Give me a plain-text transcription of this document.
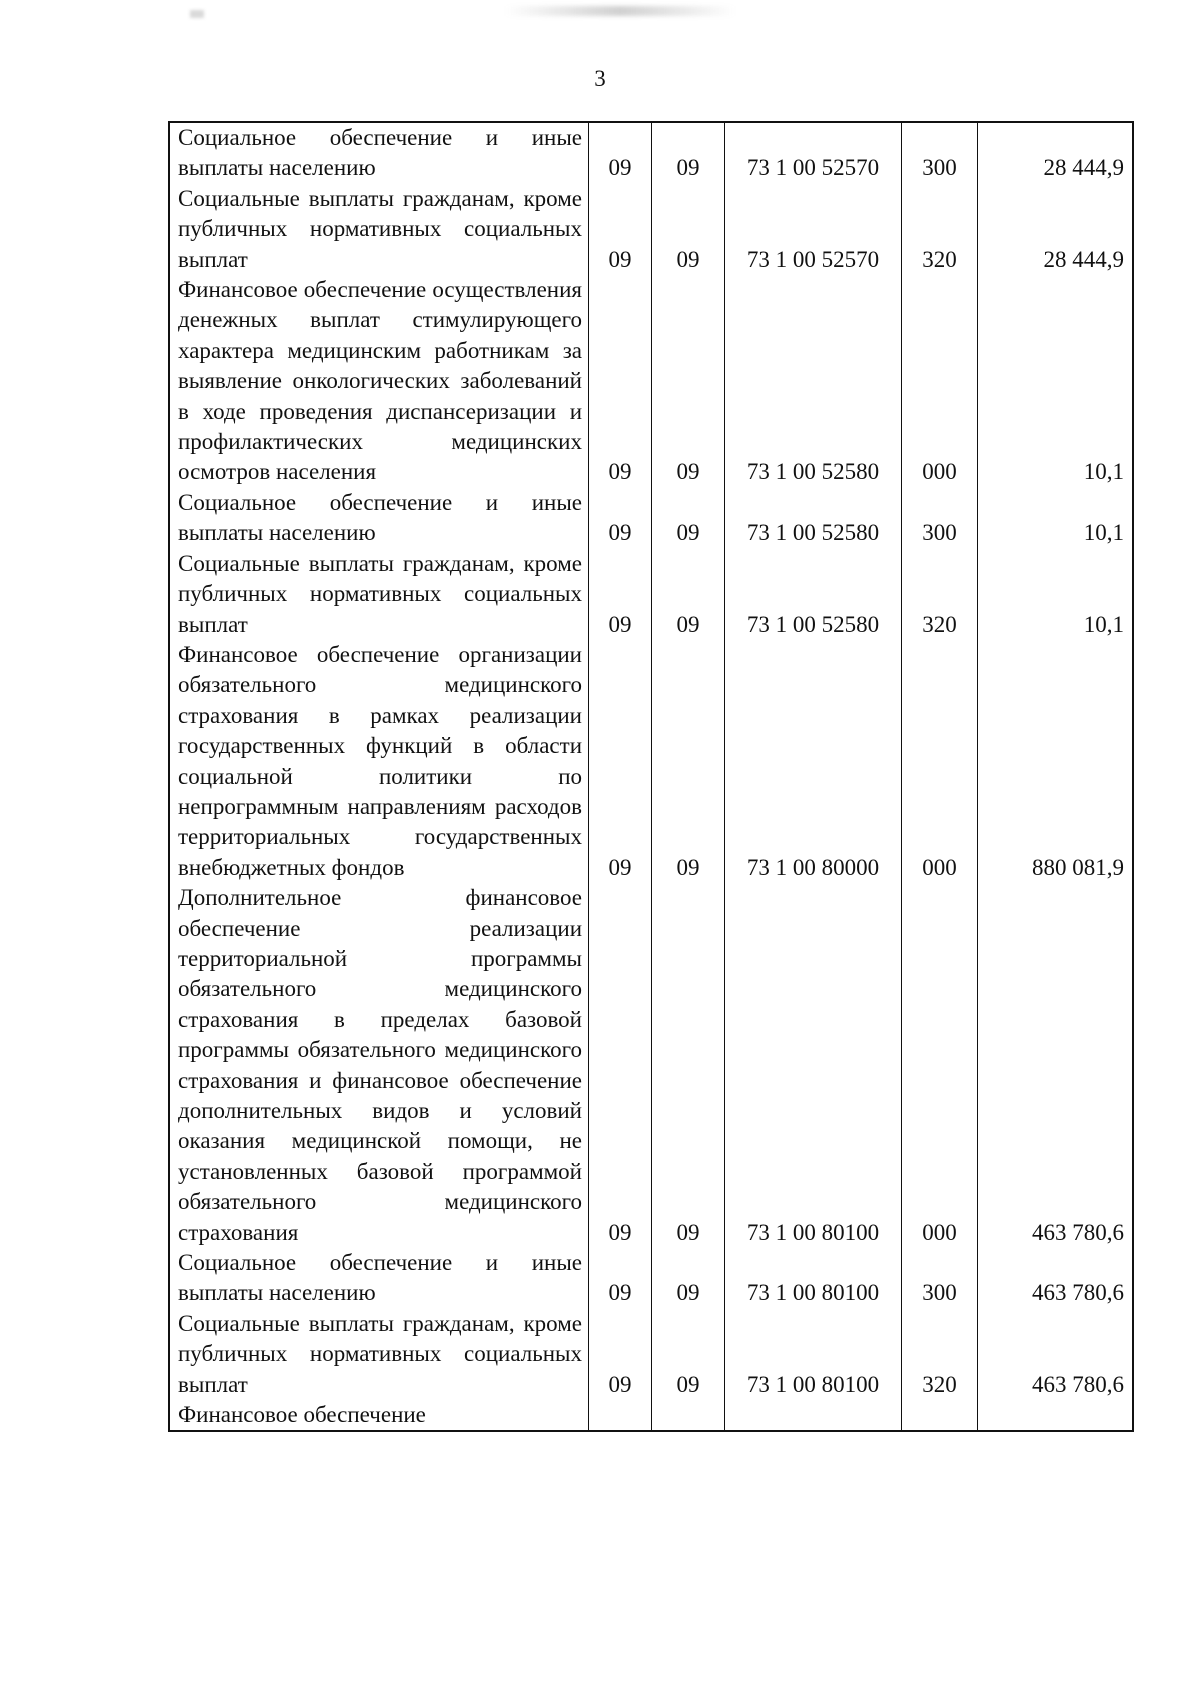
3
Социальное обеспечение и иные выплаты населению	09	09	73 1 00 52570	300	28 444,9
Социальные выплаты гражданам, кроме публичных нормативных социальных выплат	09	09	73 1 00 52570	320	28 444,9
Финансовое обеспечение осуществления денежных выплат стимулирующего характера медицинским работникам за выявление онкологических заболеваний в ходе проведения диспансеризации и профилактических медицинских осмотров населения	09	09	73 1 00 52580	000	10,1
Социальное обеспечение и иные выплаты населению	09	09	73 1 00 52580	300	10,1
Социальные выплаты гражданам, кроме публичных нормативных социальных выплат	09	09	73 1 00 52580	320	10,1
Финансовое обеспечение организации обязательного медицинского страхования в рамках реализации государственных функций в области социальной политики по непрограммным направлениям расходов территориальных государственных внебюджетных фондов	09	09	73 1 00 80000	000	880 081,9
Дополнительное финансовое обеспечение реализации территориальной программы обязательного медицинского страхования в пределах базовой программы обязательного медицинского страхования и финансовое обеспечение дополнительных видов и условий оказания медицинской помощи, не установленных базовой программой обязательного медицинского страхования	09	09	73 1 00 80100	000	463 780,6
Социальное обеспечение и иные выплаты населению	09	09	73 1 00 80100	300	463 780,6
Социальные выплаты гражданам, кроме публичных нормативных социальных выплат	09	09	73 1 00 80100	320	463 780,6
Финансовое обеспечение					
